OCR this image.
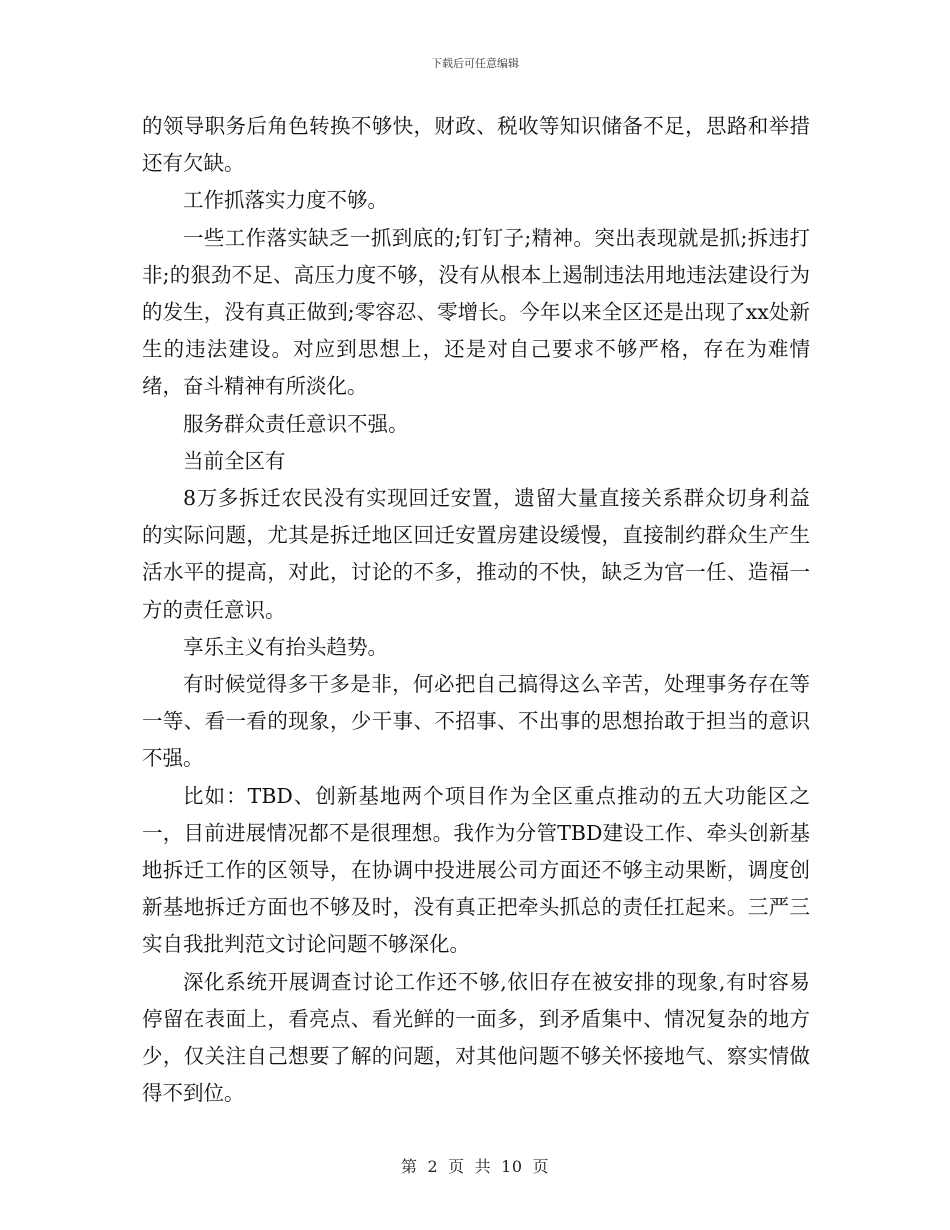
下载后可任意编辑

的领导职务后角色转换不够快，财政、税收等知识储备不足，思路和举措还有欠缺。

工作抓落实力度不够。

一些工作落实缺乏一抓到底的;钉钉子;精神。突出表现就是抓;拆违打非;的狠劲不足、高压力度不够，没有从根本上遏制违法用地违法建设行为的发生，没有真正做到;零容忍、零增长。今年以来全区还是出现了xx处新生的违法建设。对应到思想上，还是对自己要求不够严格，存在为难情绪，奋斗精神有所淡化。

服务群众责任意识不强。

当前全区有

8万多拆迁农民没有实现回迁安置，遗留大量直接关系群众切身利益的实际问题，尤其是拆迁地区回迁安置房建设缓慢，直接制约群众生产生活水平的提高，对此，讨论的不多，推动的不快，缺乏为官一任、造福一方的责任意识。

享乐主义有抬头趋势。

有时候觉得多干多是非，何必把自己搞得这么辛苦，处理事务存在等一等、看一看的现象，少干事、不招事、不出事的思想抬敢于担当的意识不强。

比如：TBD、创新基地两个项目作为全区重点推动的五大功能区之一，目前进展情况都不是很理想。我作为分管TBD建设工作、牵头创新基地拆迁工作的区领导，在协调中投进展公司方面还不够主动果断，调度创新基地拆迁方面也不够及时，没有真正把牵头抓总的责任扛起来。三严三实自我批判范文讨论问题不够深化。

深化系统开展调查讨论工作还不够,依旧存在被安排的现象,有时容易停留在表面上，看亮点、看光鲜的一面多，到矛盾集中、情况复杂的地方少，仅关注自己想要了解的问题，对其他问题不够关怀接地气、察实情做得不到位。

第 2 页 共 10 页
